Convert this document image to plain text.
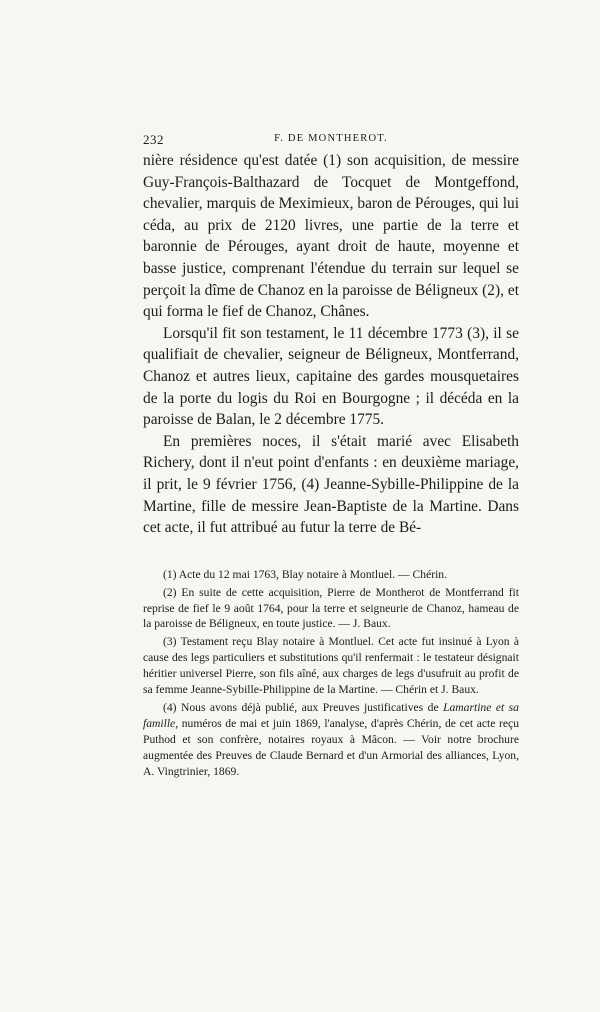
232	F. DE MONTHEROT.

nière résidence qu'est datée (1) son acquisition, de messire Guy-François-Balthazard de Tocquet de Montgeffond, chevalier, marquis de Meximieux, baron de Pérouges, qui lui céda, au prix de 2120 livres, une partie de la terre et baronnie de Pérouges, ayant droit de haute, moyenne et basse justice, comprenant l'étendue du terrain sur lequel se perçoit la dîme de Chanoz en la paroisse de Béligneux (2), et qui forma le fief de Chanoz, Chânes.

Lorsqu'il fit son testament, le 11 décembre 1773 (3), il se qualifiait de chevalier, seigneur de Béligneux, Montferrand, Chanoz et autres lieux, capitaine des gardes mousquetaires de la porte du logis du Roi en Bourgogne ; il décéda en la paroisse de Balan, le 2 décembre 1775.

En premières noces, il s'était marié avec Elisabeth Richery, dont il n'eut point d'enfants : en deuxième mariage, il prit, le 9 février 1756, (4) Jeanne-Sybille-Philippine de la Martine, fille de messire Jean-Baptiste de la Martine. Dans cet acte, il fut attribué au futur la terre de Bé-

(1) Acte du 12 mai 1763, Blay notaire à Montluel. — Chérin.

(2) En suite de cette acquisition, Pierre de Montherot de Montferrand fit reprise de fief le 9 août 1764, pour la terre et seigneurie de Chanoz, hameau de la paroisse de Béligneux, en toute justice. — J. Baux.

(3) Testament reçu Blay notaire à Montluel. Cet acte fut insinué à Lyon à cause des legs particuliers et substitutions qu'il renfermait : le testateur désignait héritier universel Pierre, son fils aîné, aux charges de legs d'usufruit au profit de sa femme Jeanne-Sybille-Philippine de la Martine. — Chérin et J. Baux.

(4) Nous avons déjà publié, aux Preuves justificatives de Lamartine et sa famille, numéros de mai et juin 1869, l'analyse, d'après Chérin, de cet acte reçu Puthod et son confrère, notaires royaux à Mâcon. — Voir notre brochure augmentée des Preuves de Claude Bernard et d'un Armorial des alliances, Lyon, A. Vingtrinier, 1869.
